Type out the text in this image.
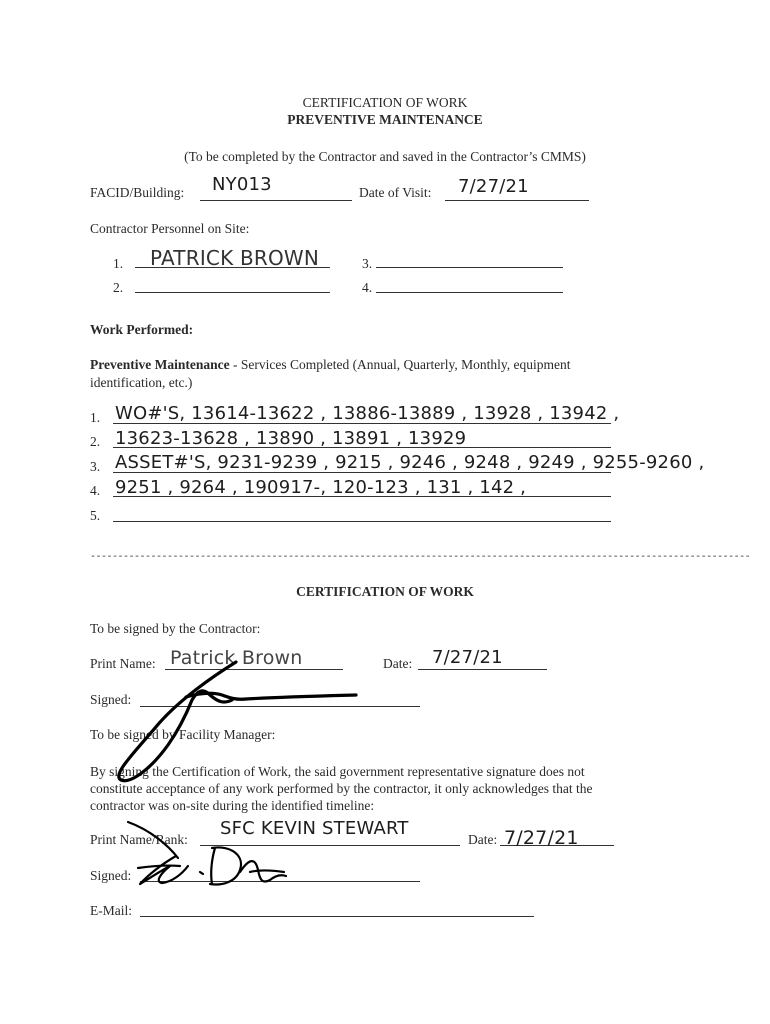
CERTIFICATION OF WORK
PREVENTIVE MAINTENANCE
(To be completed by the Contractor and saved in the Contractor’s CMMS)
FACID/Building: NY013	Date of Visit: 7/27/21
Contractor Personnel on Site:
1. PATRICK BROWN
2.
3.
4.
Work Performed:
Preventive Maintenance - Services Completed (Annual, Quarterly, Monthly, equipment
identification, etc.)
1. WO#'S, 13614-13622 , 13886-13889 , 13928 , 13942 ,
2. 13623-13628 , 13890 , 13891 , 13929
3. ASSET#'S, 9231-9239 , 9215 , 9246 , 9248 , 9249 , 9255-9260 ,
4. 9251 , 9264 , 190917-, 120-123 , 131 , 142 ,
5.
------------------------------------------------------------------------------------------------------------------------
CERTIFICATION OF WORK
To be signed by the Contractor:
Print Name: Patrick Brown	Date: 7/27/21
Signed:
To be signed by Facility Manager:
By signing the Certification of Work, the said government representative signature does not
constitute acceptance of any work performed by the contractor, it only acknowledges that the
contractor was on-site during the identified timeline:
Print Name/Rank:
SFC KEVIN STEWART
Date: 7/27/21
Signed:
E-Mail:
